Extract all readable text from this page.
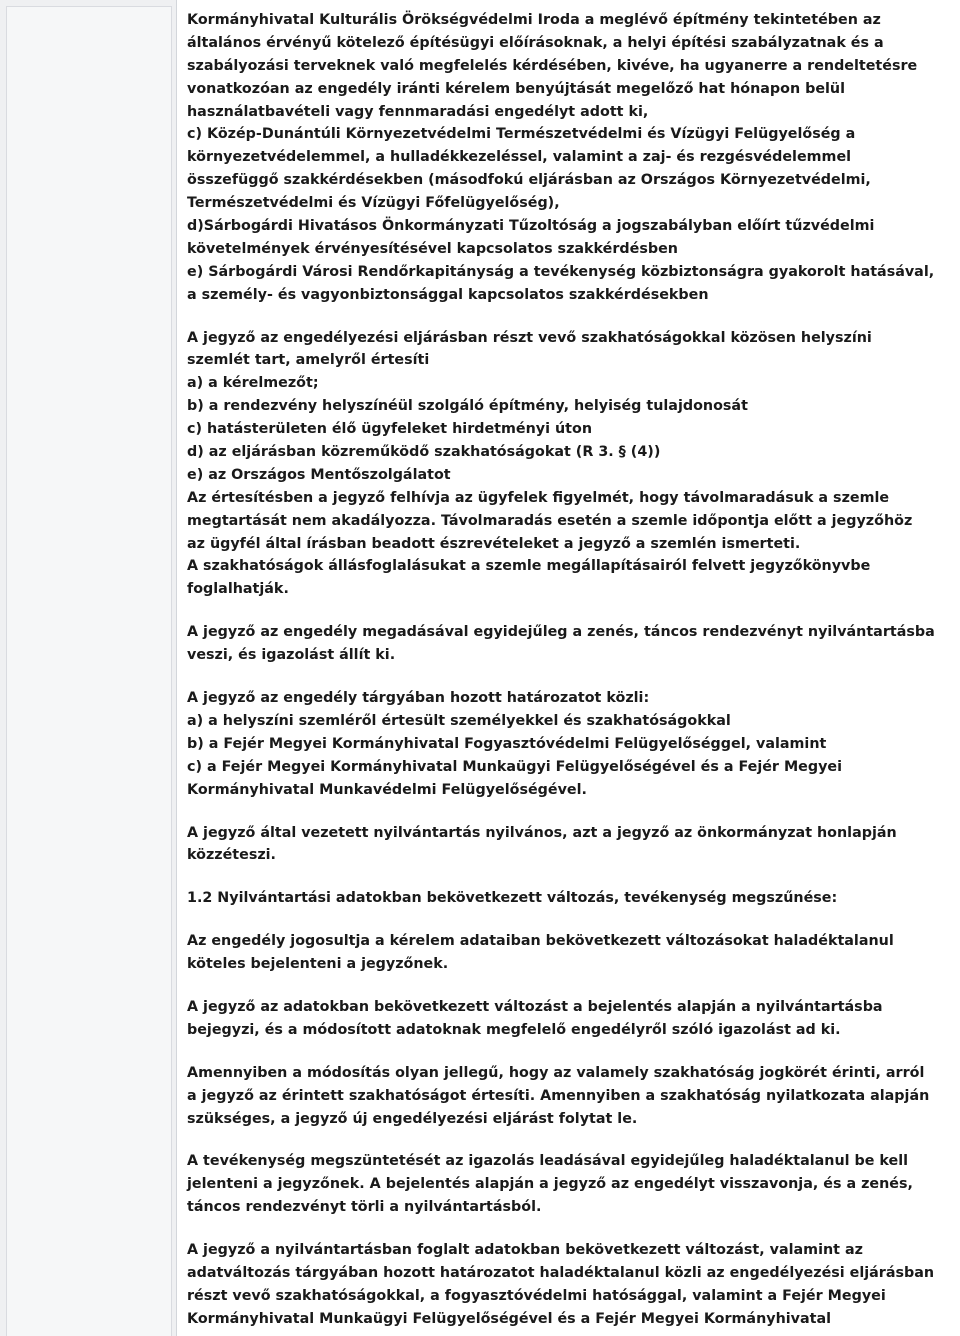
Kormányhivatal Kulturális Örökségvédelmi Iroda a meglévő építmény tekintetében az
általános érvényű kötelező építésügyi előírásoknak, a helyi építési szabályzatnak és a
szabályozási terveknek való megfelelés kérdésében, kivéve, ha ugyanerre a rendeltetésre
vonatkozóan az engedély iránti kérelem benyújtását megelőző hat hónapon belül
használatbavételi vagy fennmaradási engedélyt adott ki,
c) Közép-Dunántúli Környezetvédelmi Természetvédelmi és Vízügyi Felügyelőség a
környezetvédelemmel, a hulladékkezeléssel, valamint a zaj- és rezgésvédelemmel
összefüggő szakkérdésekben (másodfokú eljárásban az Országos Környezetvédelmi,
Természetvédelmi és Vízügyi Főfelügyelőség),
d)Sárbogárdi Hivatásos Önkormányzati Tűzoltóság a jogszabályban előírt tűzvédelmi
követelmények érvényesítésével kapcsolatos szakkérdésben
e) Sárbogárdi Városi Rendőrkapitányság a tevékenység közbiztonságra gyakorolt hatásával,
a személy- és vagyonbiztonsággal kapcsolatos szakkérdésekben
A jegyző az engedélyezési eljárásban részt vevő szakhatóságokkal közösen helyszíni
szemlét tart, amelyről értesíti
a) a kérelmezőt;
b) a rendezvény helyszínéül szolgáló építmény, helyiség tulajdonosát
c) hatásterületen élő ügyfeleket hirdetményi úton
d) az eljárásban közreműködő szakhatóságokat (R 3. § (4))
e) az Országos Mentőszolgálatot
Az értesítésben a jegyző felhívja az ügyfelek figyelmét, hogy távolmaradásuk a szemle
megtartását nem akadályozza. Távolmaradás esetén a szemle időpontja előtt a jegyzőhöz
az ügyfél által írásban beadott észrevételeket a jegyző a szemlén ismerteti.
A szakhatóságok állásfoglalásukat a szemle megállapításairól felvett jegyzőkönyvbe
foglalhatják.
A jegyző az engedély megadásával egyidejűleg a zenés, táncos rendezvényt nyilvántartásba
veszi, és igazolást állít ki.
A jegyző az engedély tárgyában hozott határozatot közli:
a) a helyszíni szemléről értesült személyekkel és szakhatóságokkal
b) a Fejér Megyei Kormányhivatal Fogyasztóvédelmi Felügyelőséggel, valamint
c) a Fejér Megyei Kormányhivatal Munkaügyi Felügyelőségével és a Fejér Megyei
Kormányhivatal Munkavédelmi Felügyelőségével.
A jegyző által vezetett nyilvántartás nyilvános, azt a jegyző az önkormányzat honlapján
közzéteszi.
1.2 Nyilvántartási adatokban bekövetkezett változás, tevékenység megszűnése:
Az engedély jogosultja a kérelem adataiban bekövetkezett változásokat haladéktalanul
köteles bejelenteni a jegyzőnek.
A jegyző az adatokban bekövetkezett változást a bejelentés alapján a nyilvántartásba
bejegyzi, és a módosított adatoknak megfelelő engedélyről szóló igazolást ad ki.
Amennyiben a módosítás olyan jellegű, hogy az valamely szakhatóság jogkörét érinti, arról
a jegyző az érintett szakhatóságot értesíti. Amennyiben a szakhatóság nyilatkozata alapján
szükséges, a jegyző új engedélyezési eljárást folytat le.
A tevékenység megszüntetését az igazolás leadásával egyidejűleg haladéktalanul be kell
jelenteni a jegyzőnek. A bejelentés alapján a jegyző az engedélyt visszavonja, és a zenés,
táncos rendezvényt törli a nyilvántartásból.
A jegyző a nyilvántartásban foglalt adatokban bekövetkezett változást, valamint az
adatváltozás tárgyában hozott határozatot haladéktalanul közli az engedélyezési eljárásban
részt vevő szakhatóságokkal, a fogyasztóvédelmi hatósággal, valamint a Fejér Megyei
Kormányhivatal Munkaügyi Felügyelőségével és a Fejér Megyei Kormányhivatal
